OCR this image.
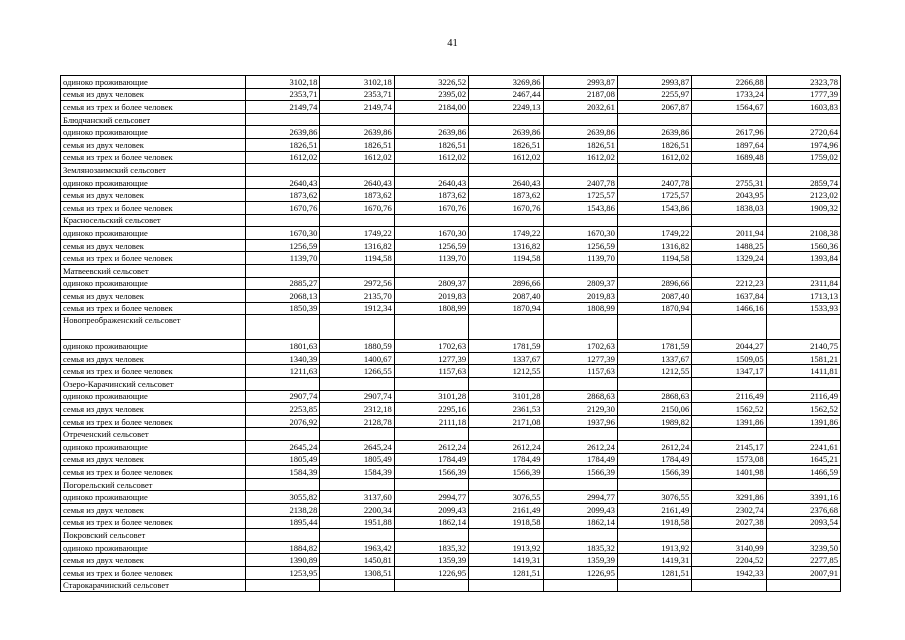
41
одиноко проживающие	3102,18	3102,18	3226,52	3269,86	2993,87	2993,87	2266,88	2323,78
семья из двух человек	2353,71	2353,71	2395,02	2467,44	2187,08	2255,97	1733,24	1777,39
семья из трех и более человек	2149,74	2149,74	2184,00	2249,13	2032,61	2067,87	1564,67	1603,83
Блюдчанский сельсовет								
одиноко проживающие	2639,86	2639,86	2639,86	2639,86	2639,86	2639,86	2617,96	2720,64
семья из двух человек	1826,51	1826,51	1826,51	1826,51	1826,51	1826,51	1897,64	1974,96
семья из трех и более человек	1612,02	1612,02	1612,02	1612,02	1612,02	1612,02	1689,48	1759,02
Землянозаимский сельсовет								
одиноко проживающие	2640,43	2640,43	2640,43	2640,43	2407,78	2407,78	2755,31	2859,74
семья из двух человек	1873,62	1873,62	1873,62	1873,62	1725,57	1725,57	2043,95	2123,02
семья из трех и более человек	1670,76	1670,76	1670,76	1670,76	1543,86	1543,86	1838,03	1909,32
Красносельский сельсовет								
одиноко проживающие	1670,30	1749,22	1670,30	1749,22	1670,30	1749,22	2011,94	2108,38
семья из двух человек	1256,59	1316,82	1256,59	1316,82	1256,59	1316,82	1488,25	1560,36
семья из трех и более человек	1139,70	1194,58	1139,70	1194,58	1139,70	1194,58	1329,24	1393,84
Матвеевский сельсовет								
одиноко проживающие	2885,27	2972,56	2809,37	2896,66	2809,37	2896,66	2212,23	2311,84
семья из двух человек	2068,13	2135,70	2019,83	2087,40	2019,83	2087,40	1637,84	1713,13
семья из трех и более человек	1850,39	1912,34	1808,99	1870,94	1808,99	1870,94	1466,16	1533,93
Новопреображенский сельсовет								
одиноко проживающие	1801,63	1880,59	1702,63	1781,59	1702,63	1781,59	2044,27	2140,75
семья из двух человек	1340,39	1400,67	1277,39	1337,67	1277,39	1337,67	1509,05	1581,21
семья из трех и более человек	1211,63	1266,55	1157,63	1212,55	1157,63	1212,55	1347,17	1411,81
Озеро-Карачинский сельсовет								
одиноко проживающие	2907,74	2907,74	3101,28	3101,28	2868,63	2868,63	2116,49	2116,49
семья из двух человек	2253,85	2312,18	2295,16	2361,53	2129,30	2150,06	1562,52	1562,52
семья из трех и более человек	2076,92	2128,78	2111,18	2171,08	1937,96	1989,82	1391,86	1391,86
Отреченский сельсовет								
одиноко проживающие	2645,24	2645,24	2612,24	2612,24	2612,24	2612,24	2145,17	2241,61
семья из двух человек	1805,49	1805,49	1784,49	1784,49	1784,49	1784,49	1573,08	1645,21
семья из трех и более человек	1584,39	1584,39	1566,39	1566,39	1566,39	1566,39	1401,98	1466,59
Погорельский сельсовет								
одиноко проживающие	3055,82	3137,60	2994,77	3076,55	2994,77	3076,55	3291,86	3391,16
семья из двух человек	2138,28	2200,34	2099,43	2161,49	2099,43	2161,49	2302,74	2376,68
семья из трех и более человек	1895,44	1951,88	1862,14	1918,58	1862,14	1918,58	2027,38	2093,54
Покровский сельсовет								
одиноко проживающие	1884,82	1963,42	1835,32	1913,92	1835,32	1913,92	3140,99	3239,50
семья из двух человек	1390,89	1450,81	1359,39	1419,31	1359,39	1419,31	2204,52	2277,85
семья из трех и более человек	1253,95	1308,51	1226,95	1281,51	1226,95	1281,51	1942,33	2007,91
Старокарачинский сельсовет								
